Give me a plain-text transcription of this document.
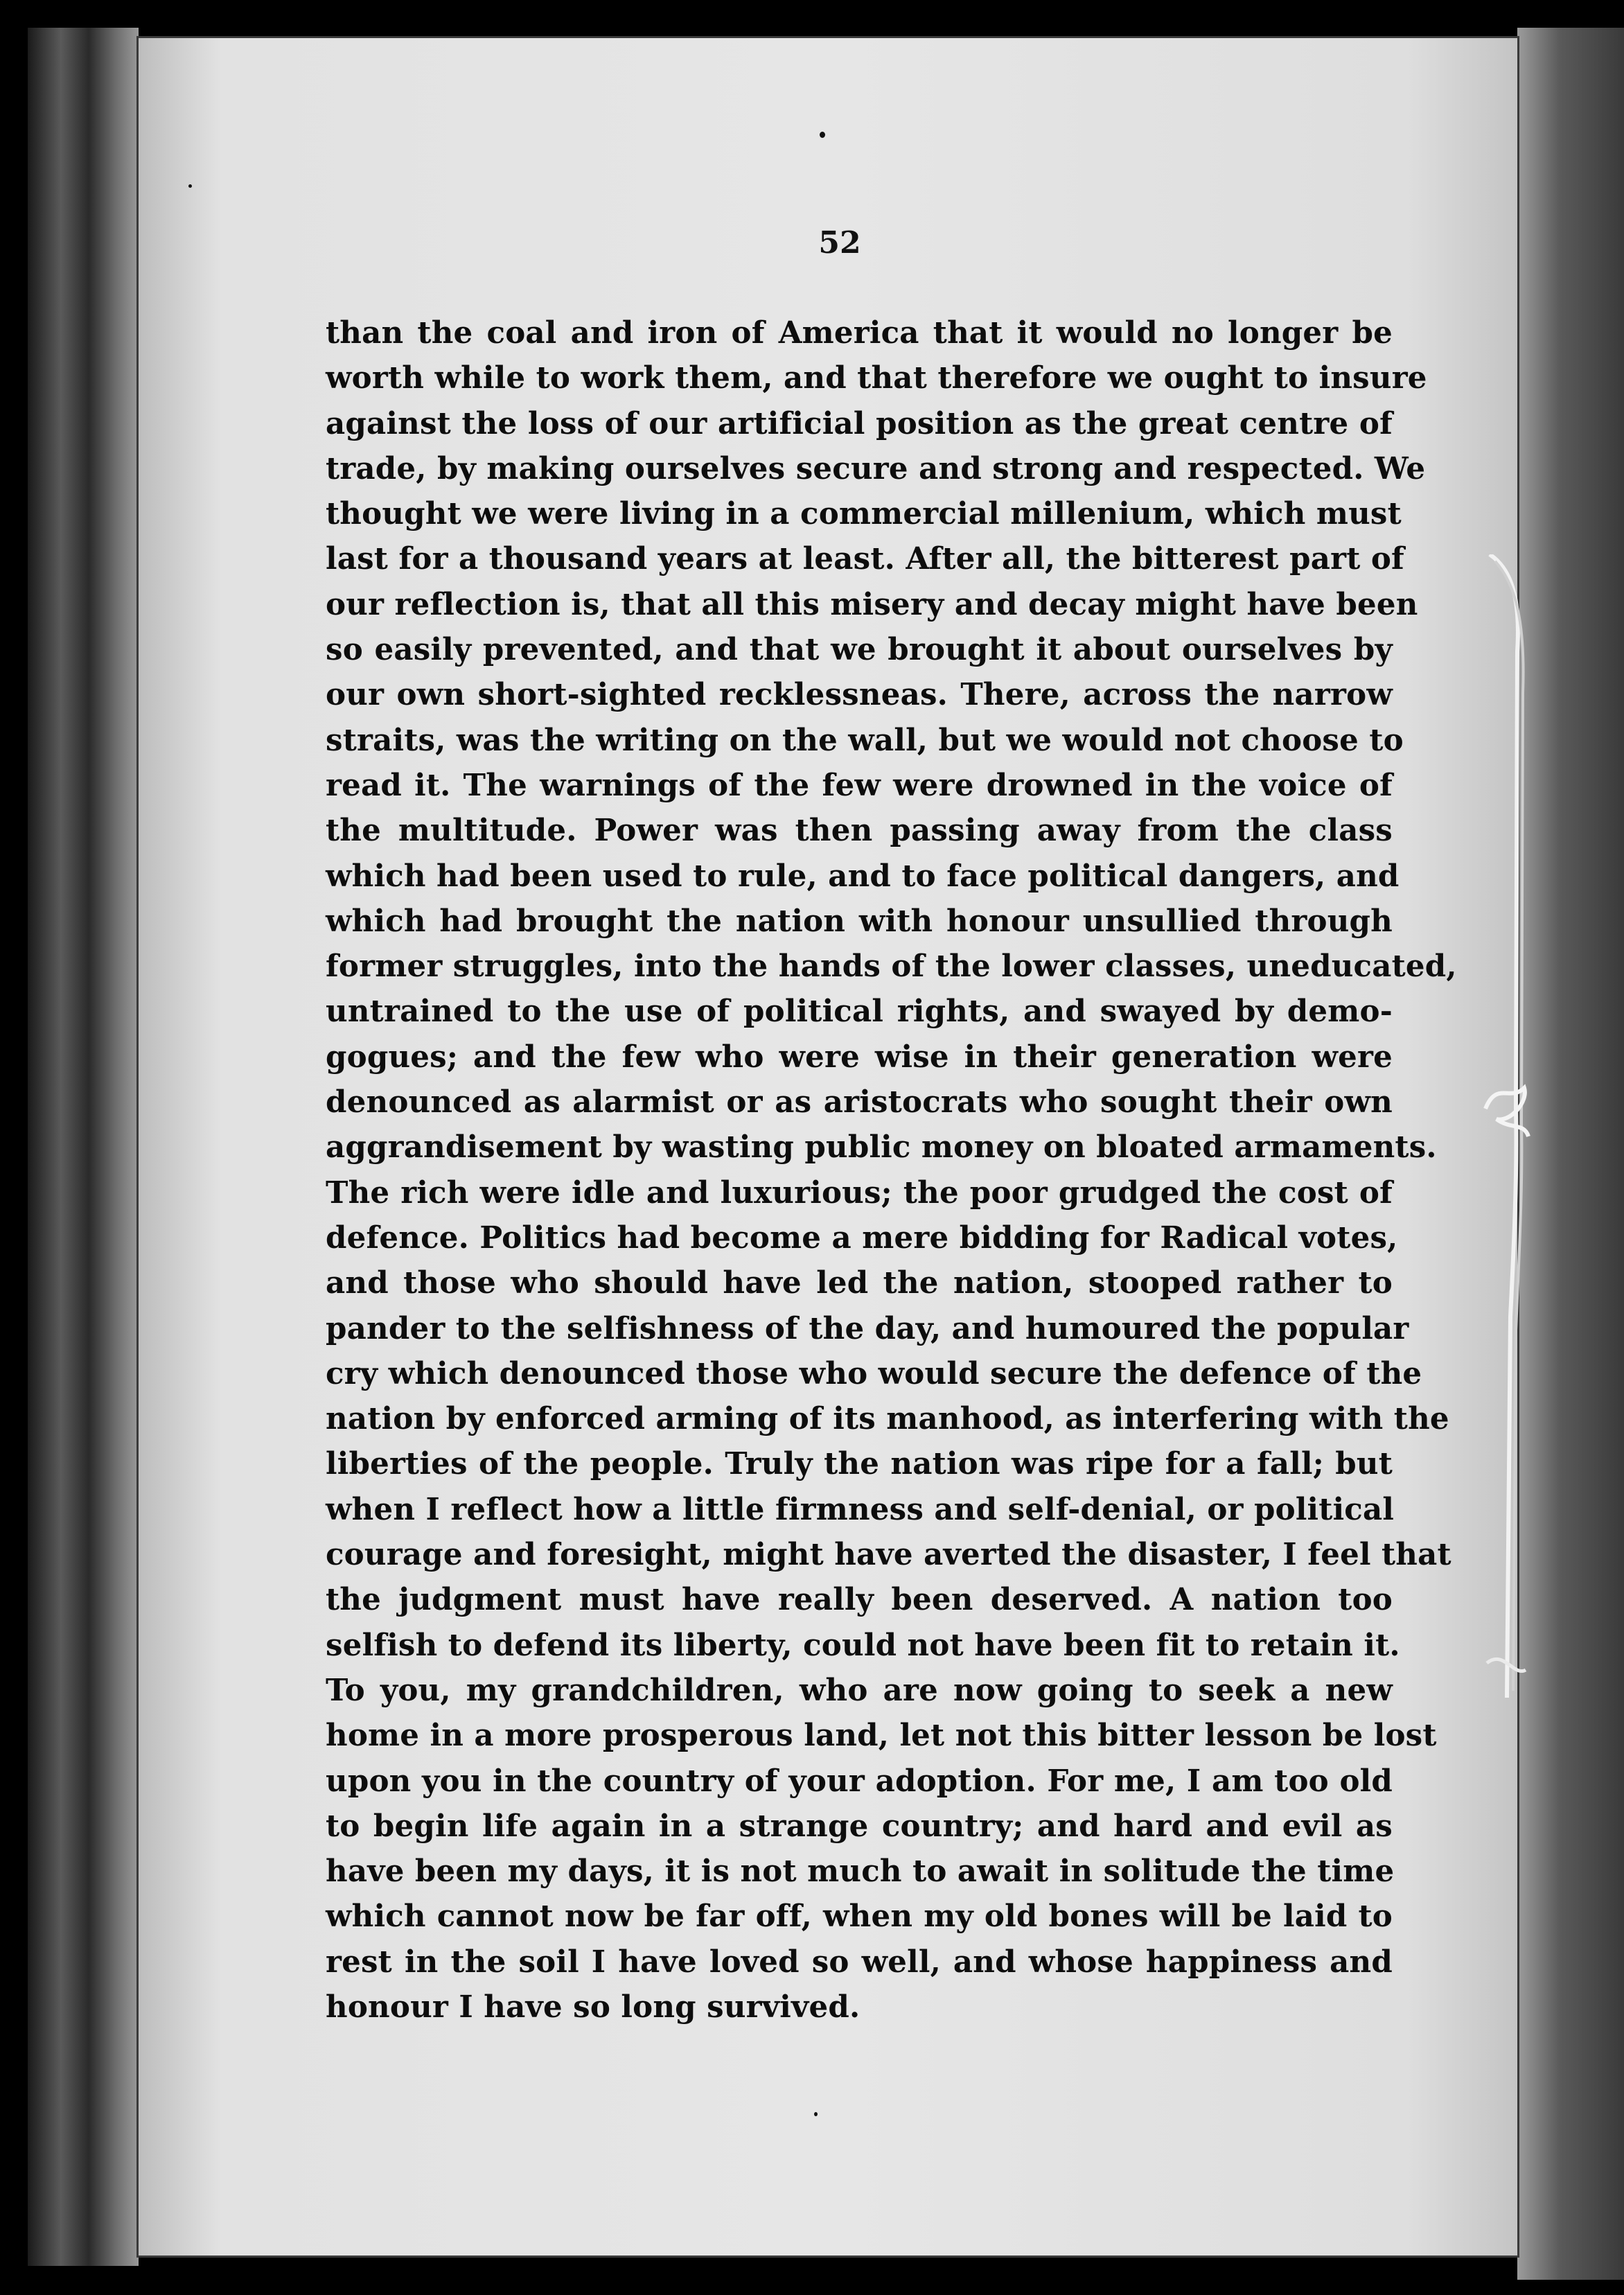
52
than the coal and iron of America that it would no longer be
worth while to work them, and that therefore we ought to insure
against the loss of our artificial position as the great centre of
trade, by making ourselves secure and strong and respected. We
thought we were living in a commercial millenium, which must
last for a thousand years at least. After all, the bitterest part of
our reflection is, that all this misery and decay might have been
so easily prevented, and that we brought it about ourselves by
our own short-sighted recklessneas. There, across the narrow
straits, was the writing on the wall, but we would not choose to
read it. The warnings of the few were drowned in the voice of
the multitude. Power was then passing away from the class
which had been used to rule, and to face political dangers, and
which had brought the nation with honour unsullied through
former struggles, into the hands of the lower classes, uneducated,
untrained to the use of political rights, and swayed by demo-
gogues; and the few who were wise in their generation were
denounced as alarmist or as aristocrats who sought their own
aggrandisement by wasting public money on bloated armaments.
The rich were idle and luxurious; the poor grudged the cost of
defence. Politics had become a mere bidding for Radical votes,
and those who should have led the nation, stooped rather to
pander to the selfishness of the day, and humoured the popular
cry which denounced those who would secure the defence of the
nation by enforced arming of its manhood, as interfering with the
liberties of the people. Truly the nation was ripe for a fall; but
when I reflect how a little firmness and self-denial, or political
courage and foresight, might have averted the disaster, I feel that
the judgment must have really been deserved. A nation too
selfish to defend its liberty, could not have been fit to retain it.
To you, my grandchildren, who are now going to seek a new
home in a more prosperous land, let not this bitter lesson be lost
upon you in the country of your adoption. For me, I am too old
to begin life again in a strange country; and hard and evil as
have been my days, it is not much to await in solitude the time
which cannot now be far off, when my old bones will be laid to
rest in the soil I have loved so well, and whose happiness and
honour I have so long survived.
